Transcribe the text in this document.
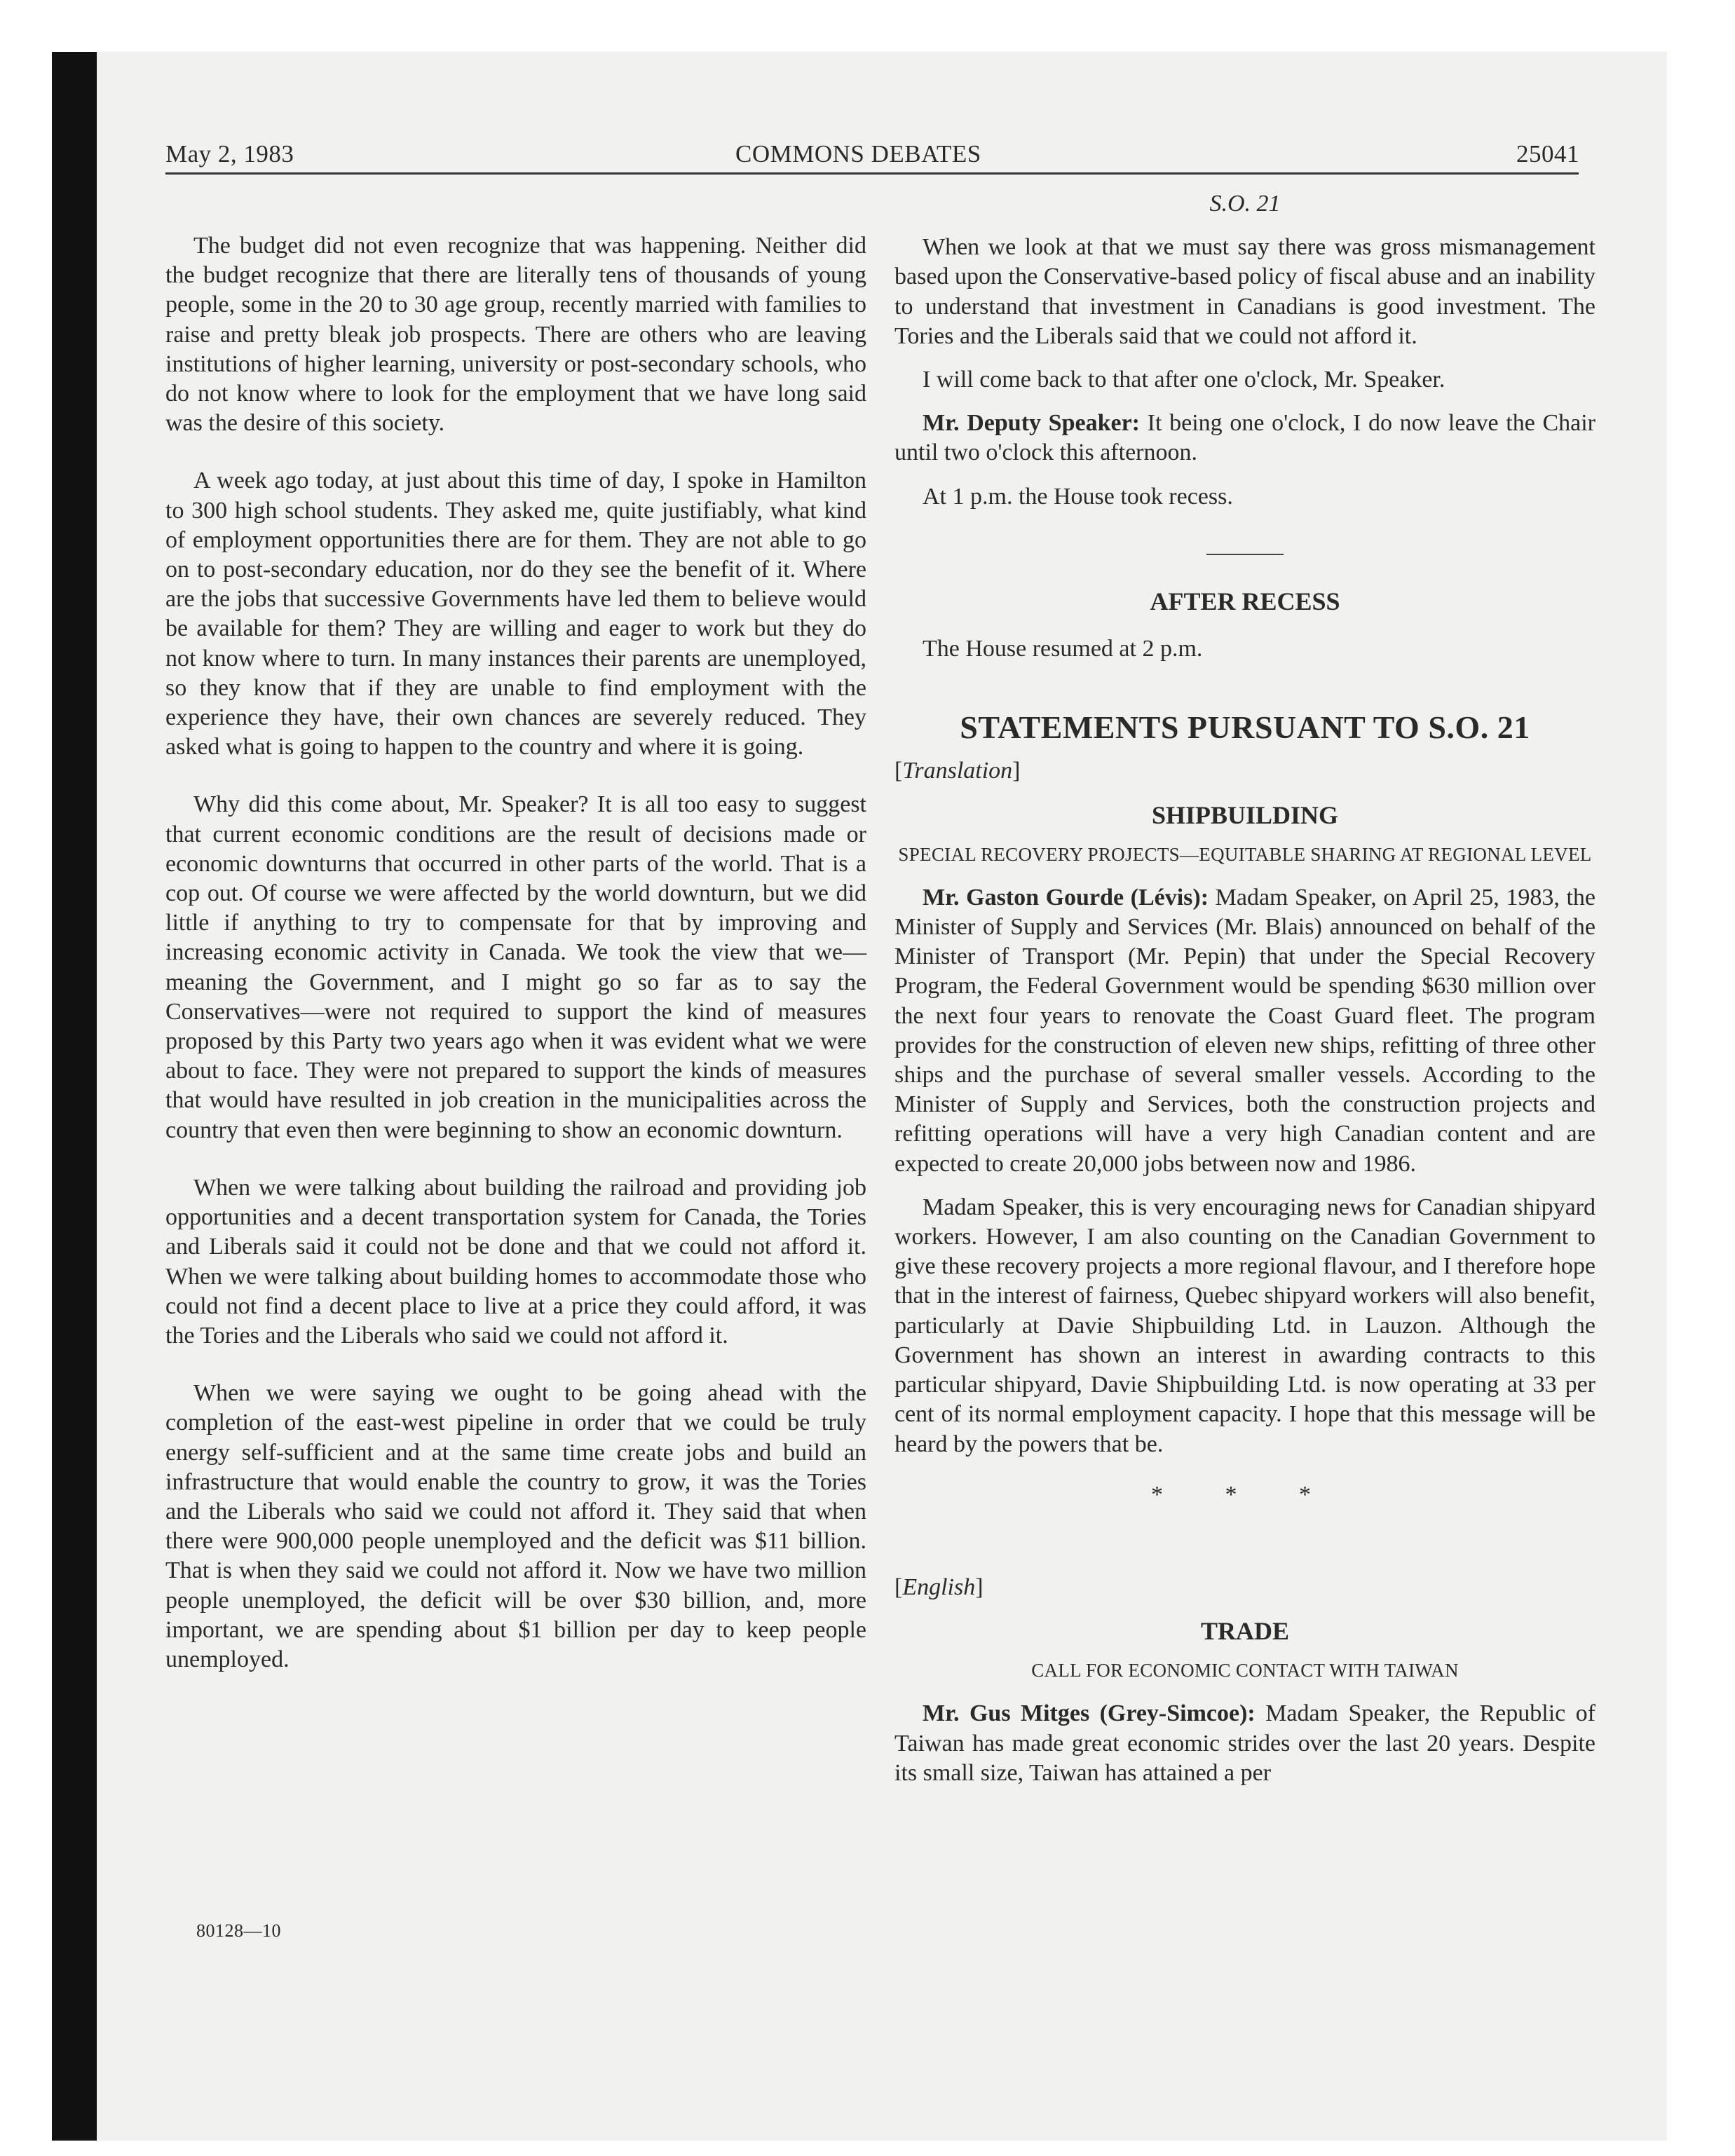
May 2, 1983	COMMONS DEBATES	25041

The budget did not even recognize that was happening. Neither did the budget recognize that there are literally tens of thousands of young people, some in the 20 to 30 age group, recently married with families to raise and pretty bleak job prospects. There are others who are leaving institutions of higher learning, university or post-secondary schools, who do not know where to look for the employment that we have long said was the desire of this society.

A week ago today, at just about this time of day, I spoke in Hamilton to 300 high school students. They asked me, quite justifiably, what kind of employment opportunities there are for them. They are not able to go on to post-secondary education, nor do they see the benefit of it. Where are the jobs that successive Governments have led them to believe would be available for them? They are willing and eager to work but they do not know where to turn. In many instances their parents are unemployed, so they know that if they are unable to find employment with the experience they have, their own chances are severely reduced. They asked what is going to happen to the country and where it is going.

Why did this come about, Mr. Speaker? It is all too easy to suggest that current economic conditions are the result of decisions made or economic downturns that occurred in other parts of the world. That is a cop out. Of course we were affected by the world downturn, but we did little if anything to try to compensate for that by improving and increasing economic activity in Canada. We took the view that we—meaning the Government, and I might go so far as to say the Conservatives—were not required to support the kind of measures proposed by this Party two years ago when it was evident what we were about to face. They were not prepared to support the kinds of measures that would have resulted in job creation in the municipalities across the country that even then were beginning to show an economic downturn.

When we were talking about building the railroad and providing job opportunities and a decent transportation system for Canada, the Tories and Liberals said it could not be done and that we could not afford it. When we were talking about building homes to accommodate those who could not find a decent place to live at a price they could afford, it was the Tories and the Liberals who said we could not afford it.

When we were saying we ought to be going ahead with the completion of the east-west pipeline in order that we could be truly energy self-sufficient and at the same time create jobs and build an infrastructure that would enable the country to grow, it was the Tories and the Liberals who said we could not afford it. They said that when there were 900,000 people unemployed and the deficit was $11 billion. That is when they said we could not afford it. Now we have two million people unemployed, the deficit will be over $30 billion, and, more important, we are spending about $1 billion per day to keep people unemployed.

S.O. 21

When we look at that we must say there was gross mismanagement based upon the Conservative-based policy of fiscal abuse and an inability to understand that investment in Canadians is good investment. The Tories and the Liberals said that we could not afford it.

I will come back to that after one o'clock, Mr. Speaker.

Mr. Deputy Speaker: It being one o'clock, I do now leave the Chair until two o'clock this afternoon.

At 1 p.m. the House took recess.

AFTER RECESS

The House resumed at 2 p.m.

STATEMENTS PURSUANT TO S.O. 21
[Translation]
SHIPBUILDING
SPECIAL RECOVERY PROJECTS—EQUITABLE SHARING AT REGIONAL LEVEL

Mr. Gaston Gourde (Lévis): Madam Speaker, on April 25, 1983, the Minister of Supply and Services (Mr. Blais) announced on behalf of the Minister of Transport (Mr. Pepin) that under the Special Recovery Program, the Federal Government would be spending $630 million over the next four years to renovate the Coast Guard fleet. The program provides for the construction of eleven new ships, refitting of three other ships and the purchase of several smaller vessels. According to the Minister of Supply and Services, both the construction projects and refitting operations will have a very high Canadian content and are expected to create 20,000 jobs between now and 1986.

Madam Speaker, this is very encouraging news for Canadian shipyard workers. However, I am also counting on the Canadian Government to give these recovery projects a more regional flavour, and I therefore hope that in the interest of fairness, Quebec shipyard workers will also benefit, particularly at Davie Shipbuilding Ltd. in Lauzon. Although the Government has shown an interest in awarding contracts to this particular shipyard, Davie Shipbuilding Ltd. is now operating at 33 per cent of its normal employment capacity. I hope that this message will be heard by the powers that be.

* * *
[English]
TRADE
CALL FOR ECONOMIC CONTACT WITH TAIWAN

Mr. Gus Mitges (Grey-Simcoe): Madam Speaker, the Republic of Taiwan has made great economic strides over the last 20 years. Despite its small size, Taiwan has attained a per

80128—10
